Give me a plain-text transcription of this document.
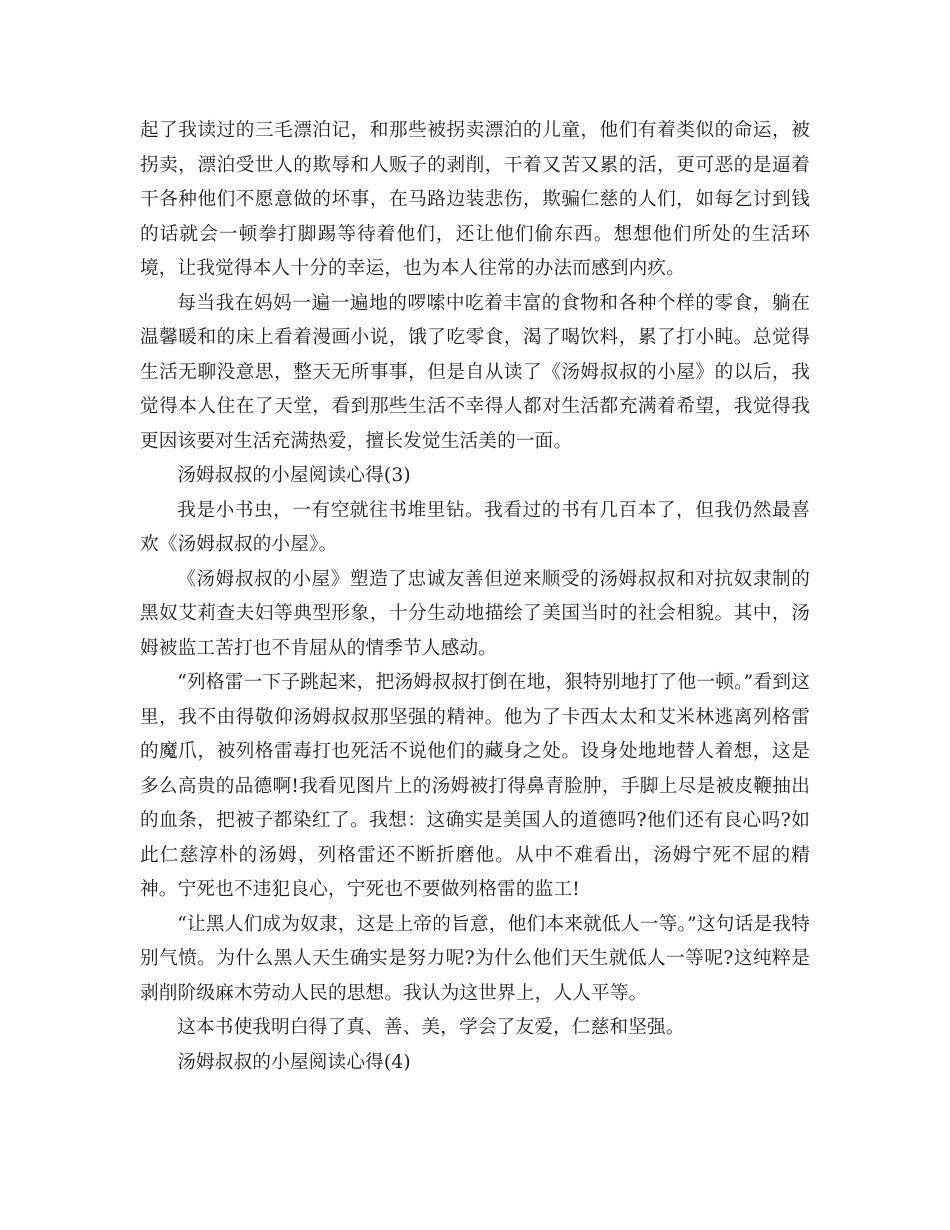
起了我读过的三毛漂泊记，和那些被拐卖漂泊的儿童，他们有着类似的命运，被拐卖，漂泊受世人的欺辱和人贩子的剥削，干着又苦又累的活，更可恶的是逼着干各种他们不愿意做的坏事，在马路边装悲伤，欺骗仁慈的人们，如每乞讨到钱的话就会一顿拳打脚踢等待着他们，还让他们偷东西。想想他们所处的生活环境，让我觉得本人十分的幸运，也为本人往常的办法而感到内疚。

每当我在妈妈一遍一遍地的啰嗦中吃着丰富的食物和各种个样的零食，躺在温馨暖和的床上看着漫画小说，饿了吃零食，渴了喝饮料，累了打小盹。总觉得生活无聊没意思，整天无所事事，但是自从读了《汤姆叔叔的小屋》的以后，我觉得本人住在了天堂，看到那些生活不幸得人都对生活都充满着希望，我觉得我更因该要对生活充满热爱，擅长发觉生活美的一面。

汤姆叔叔的小屋阅读心得(3)

我是小书虫，一有空就往书堆里钻。我看过的书有几百本了，但我仍然最喜欢《汤姆叔叔的小屋》。

《汤姆叔叔的小屋》塑造了忠诚友善但逆来顺受的汤姆叔叔和对抗奴隶制的黑奴艾莉查夫妇等典型形象，十分生动地描绘了美国当时的社会相貌。其中，汤姆被监工苦打也不肯屈从的情季节人感动。

“列格雷一下子跳起来，把汤姆叔叔打倒在地，狠特别地打了他一顿。”看到这里，我不由得敬仰汤姆叔叔那坚强的精神。他为了卡西太太和艾米林逃离列格雷的魔爪，被列格雷毒打也死活不说他们的藏身之处。设身处地地替人着想，这是多么高贵的品德啊!我看见图片上的汤姆被打得鼻青脸肿，手脚上尽是被皮鞭抽出的血条，把被子都染红了。我想：这确实是美国人的道德吗?他们还有良心吗?如此仁慈淳朴的汤姆，列格雷还不断折磨他。从中不难看出，汤姆宁死不屈的精神。宁死也不违犯良心，宁死也不要做列格雷的监工!

“让黑人们成为奴隶，这是上帝的旨意，他们本来就低人一等。”这句话是我特别气愤。为什么黑人天生确实是努力呢?为什么他们天生就低人一等呢?这纯粹是剥削阶级麻木劳动人民的思想。我认为这世界上，人人平等。

这本书使我明白得了真、善、美，学会了友爱，仁慈和坚强。

汤姆叔叔的小屋阅读心得(4)
